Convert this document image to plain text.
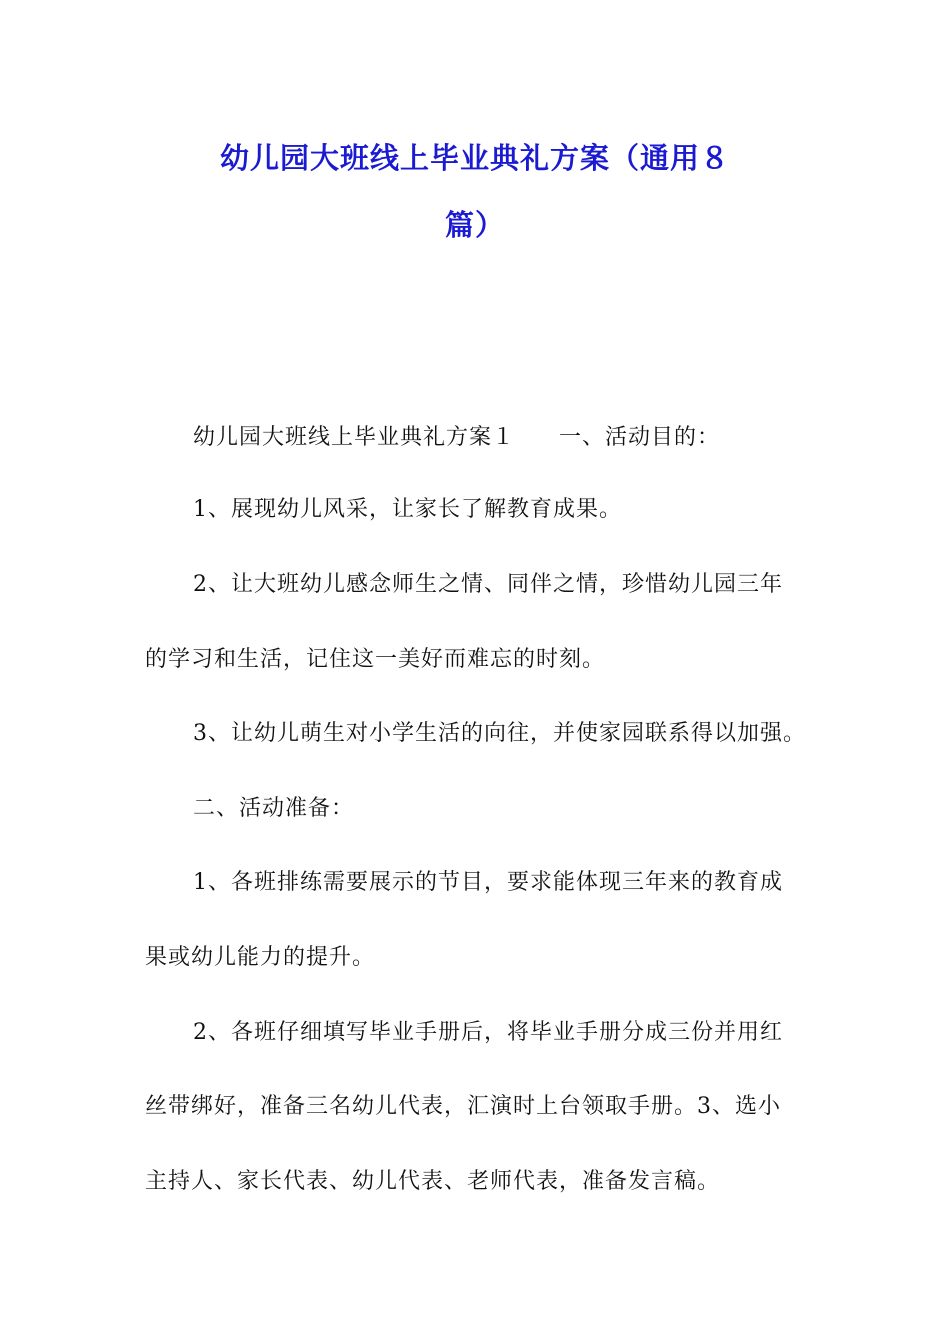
幼儿园大班线上毕业典礼方案（通用８
篇）
幼儿园大班线上毕业典礼方案１ 一、活动目的：
1、展现幼儿风采，让家长了解教育成果。
2、让大班幼儿感念师生之情、同伴之情，珍惜幼儿园三年
的学习和生活，记住这一美好而难忘的时刻。
3、让幼儿萌生对小学生活的向往，并使家园联系得以加强。
二、活动准备：
1、各班排练需要展示的节目，要求能体现三年来的教育成
果或幼儿能力的提升。
2、各班仔细填写毕业手册后，将毕业手册分成三份并用红
丝带绑好，准备三名幼儿代表，汇演时上台领取手册。3、选小
主持人、家长代表、幼儿代表、老师代表，准备发言稿。
